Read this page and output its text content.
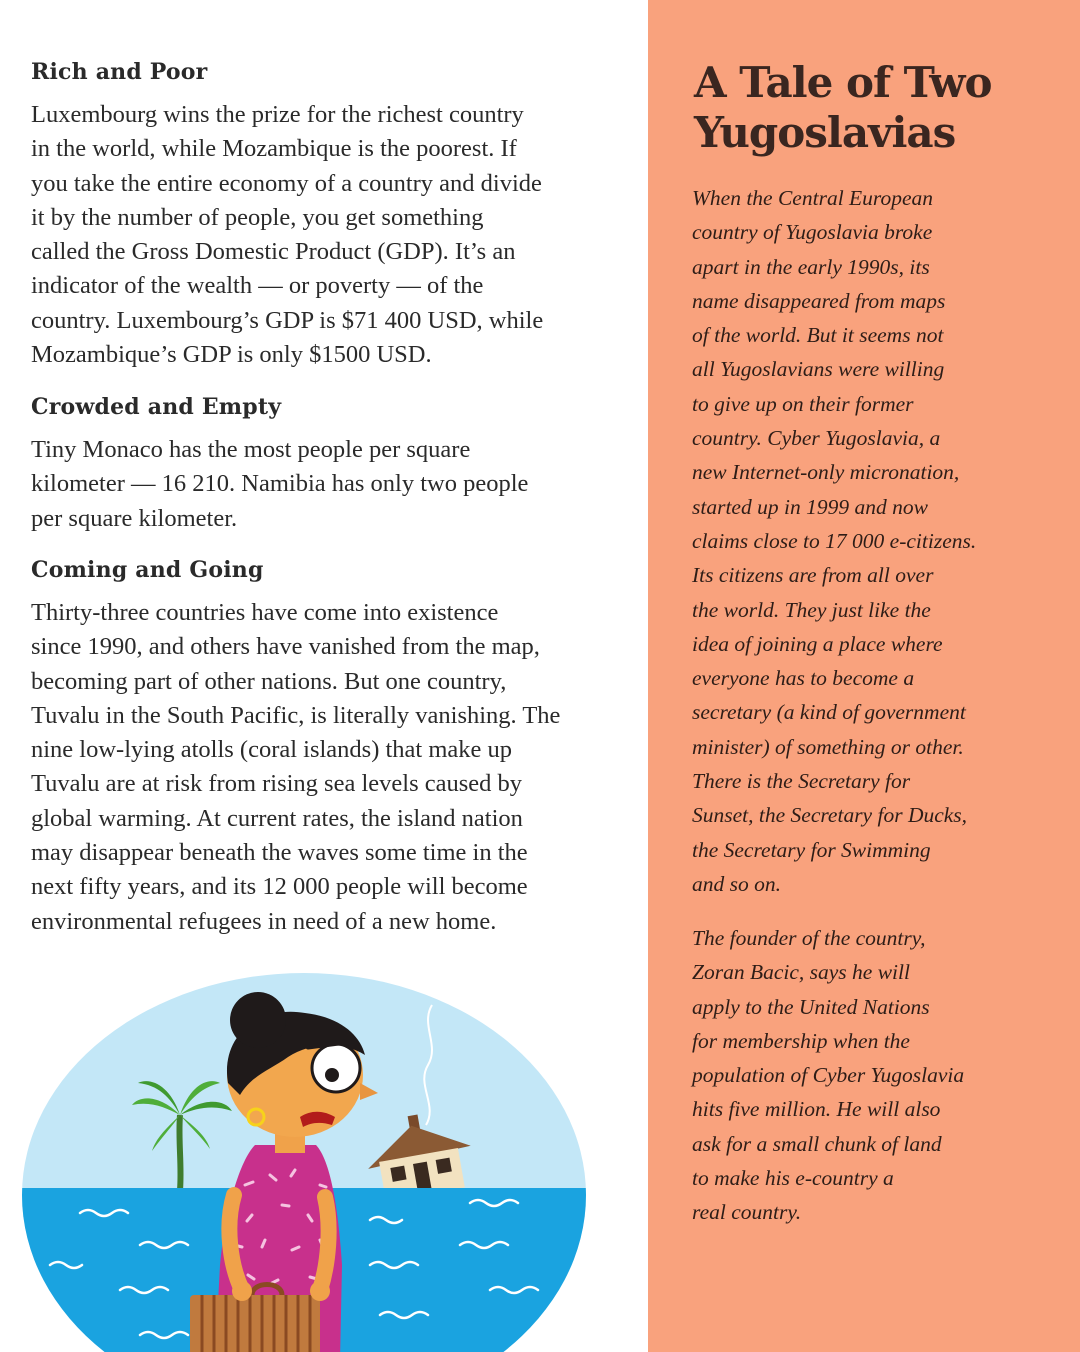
Rich and Poor

Luxembourg wins the prize for the richest country
in the world, while Mozambique is the poorest. If
you take the entire economy of a country and divide
it by the number of people, you get something
called the Gross Domestic Product (GDP). It’s an
indicator of the wealth — or poverty — of the
country. Luxembourg’s GDP is $71 400 USD, while
Mozambique’s GDP is only $1500 USD.

Crowded and Empty

Tiny Monaco has the most people per square
kilometer — 16 210. Namibia has only two people
per square kilometer.

Coming and Going

Thirty-three countries have come into existence
since 1990, and others have vanished from the map,
becoming part of other nations. But one country,
Tuvalu in the South Pacific, is literally vanishing. The
nine low-lying atolls (coral islands) that make up
Tuvalu are at risk from rising sea levels caused by
global warming. At current rates, the island nation
may disappear beneath the waves some time in the
next fifty years, and its 12 000 people will become
environmental refugees in need of a new home.

A Tale of Two
Yugoslavias

When the Central European
country of Yugoslavia broke
apart in the early 1990s, its
name disappeared from maps
of the world. But it seems not
all Yugoslavians were willing
to give up on their former
country. Cyber Yugoslavia, a
new Internet-only micronation,
started up in 1999 and now
claims close to 17 000 e-citizens.
Its citizens are from all over
the world. They just like the
idea of joining a place where
everyone has to become a
secretary (a kind of government
minister) of something or other.
There is the Secretary for
Sunset, the Secretary for Ducks,
the Secretary for Swimming
and so on.

The founder of the country,
Zoran Bacic, says he will
apply to the United Nations
for membership when the
population of Cyber Yugoslavia
hits five million. He will also
ask for a small chunk of land
to make his e-country a
real country.
